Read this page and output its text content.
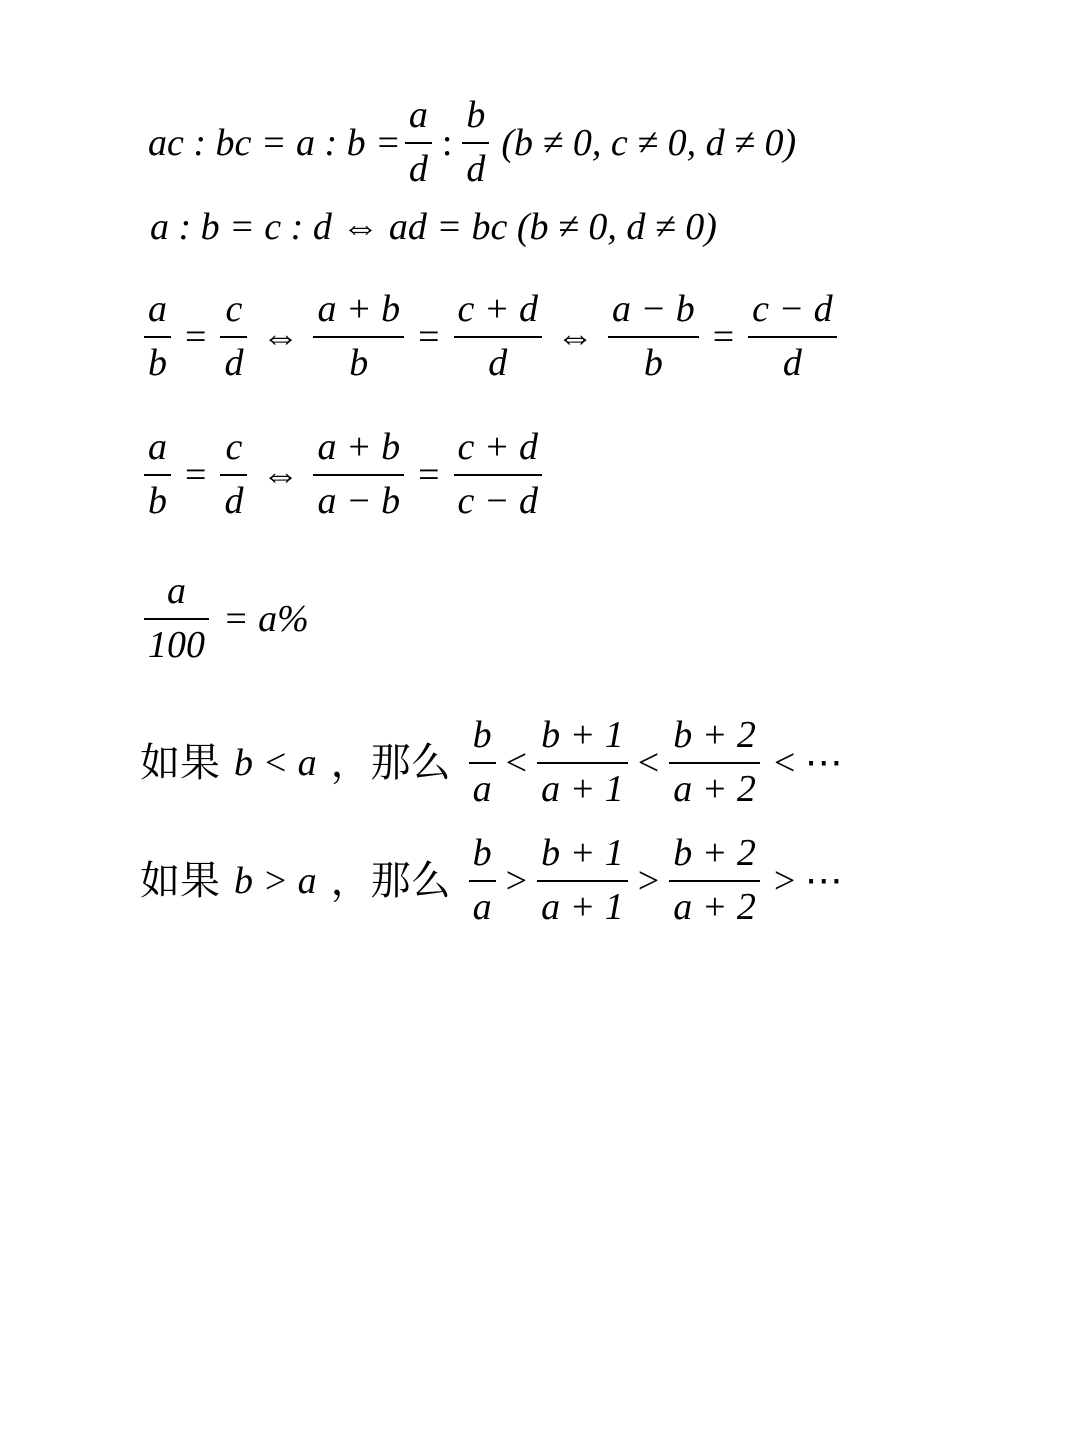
ac : bc = a : $b = \frac{a}{d}$ : $\frac{b}{d} (b \ne 0$, c ≠ 0, d ≠ 0)
a : b = c : d ⇔ ad = bc (b ≠ 0, d ≠ 0)
$\frac{a}{b} = \frac{c}{d}$ ⇔ $\frac{a + b}{b} = \frac{c + d}{d}$ ⇔ $\frac{a - b}{b} = \frac{c - d}{d}$
$\frac{a}{b} = \frac{c}{d}$ ⇔ $\frac{a + b}{a - b} = \frac{c + d}{c - d}$
$\frac{a}{100} = a\%$
如果 b < a ，那么 $\frac{b}{a} < \frac{b + 1}{a + 1} < \frac{b + 2}{a + 2}$ < ⋯
如果 b > a ，那么 $\frac{b}{a} > \frac{b + 1}{a + 1} > \frac{b + 2}{a + 2}$ > ⋯
